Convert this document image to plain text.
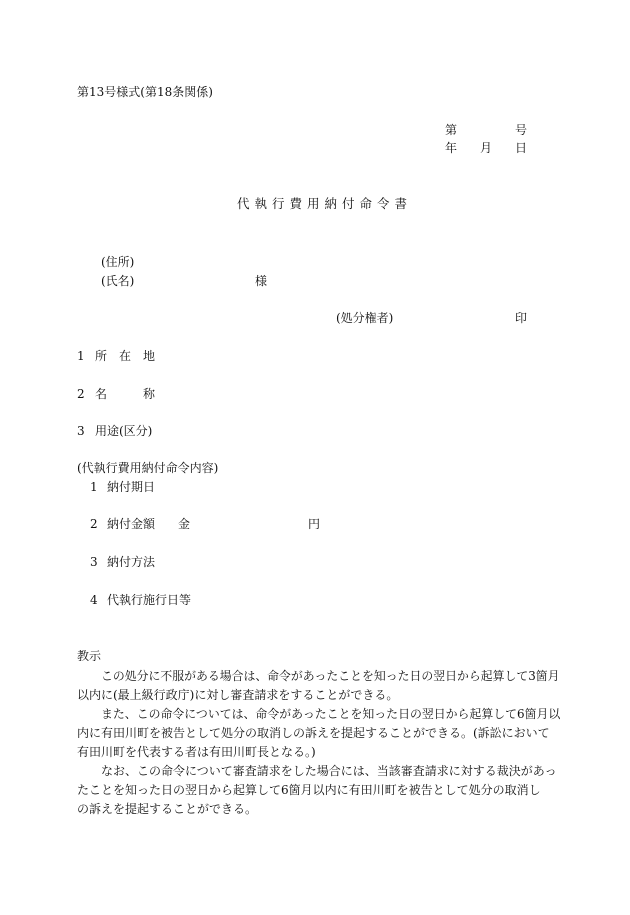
第13号様式(第18条関係)
第	号
年 月 日
代執行費用納付命令書
(住所)
(氏名)	様
(処分権者)	印
1 所　在　地
2 名　　　称
3 用途(区分)
(代執行費用納付命令内容)
1 納付期日
2 納付金額 金	円
3 納付方法
4 代執行施行日等
教示
この処分に不服がある場合は、命令があったことを知った日の翌日から起算して3箇月
以内に(最上級行政庁)に対し審査請求をすることができる。
また、この命令については、命令があったことを知った日の翌日から起算して6箇月以
内に有田川町を被告として処分の取消しの訴えを提起することができる。(訴訟において
有田川町を代表する者は有田川町長となる。)
なお、この命令について審査請求をした場合には、当該審査請求に対する裁決があっ
たことを知った日の翌日から起算して6箇月以内に有田川町を被告として処分の取消し
の訴えを提起することができる。
